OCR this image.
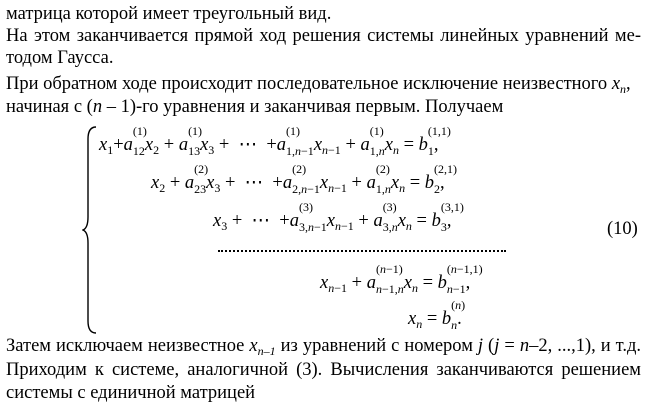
матрица которой имеет треугольный вид.
На этом заканчивается прямой ход решения системы линейных уравнений ме-
тодом Гаусса.
При обратном ходе происходит последовательное исключение неизвестного $x_n$,
начиная с (n – 1)-го уравнения и заканчивая первым. Получаем
$x_1+a$
(1)
$_{12}x_2 + a$
(1)
$_{13}x_3$ +  ⋯  +a
(1)
$_{1,n-1}x_{n-1} + a$
(1)
$_{1,n}x_n = b$
(1,1)
$_1$,
$x_2 + a$
(2)
$_{23}x_3$ +  ⋯  +a
(2)
$_{2,n-1}x_{n-1} + a$
(2)
$_{1,n}x_n = b$
(2,1)
$_2$,
$x_3$ +  ⋯  +a
(3)
$_{3,n-1}x_{n-1} + a$
(3)
$_{3,n}x_n = b$
(3,1)
$_3$,
$x_{n-1} + a$
(n−1)
$_{n-1,n}x_n = b$
(n−1,1)
$_{n-1}$,
$x_n = b$
(n)
$_n$.
(10)
Затем исключаем неизвестное $x_{n-1}$ из уравнений с номером j (j = n–2, ...,1), и т.д.
Приходим к системе, аналогичной (3). Вычисления заканчиваются решением
системы с единичной матрицей
